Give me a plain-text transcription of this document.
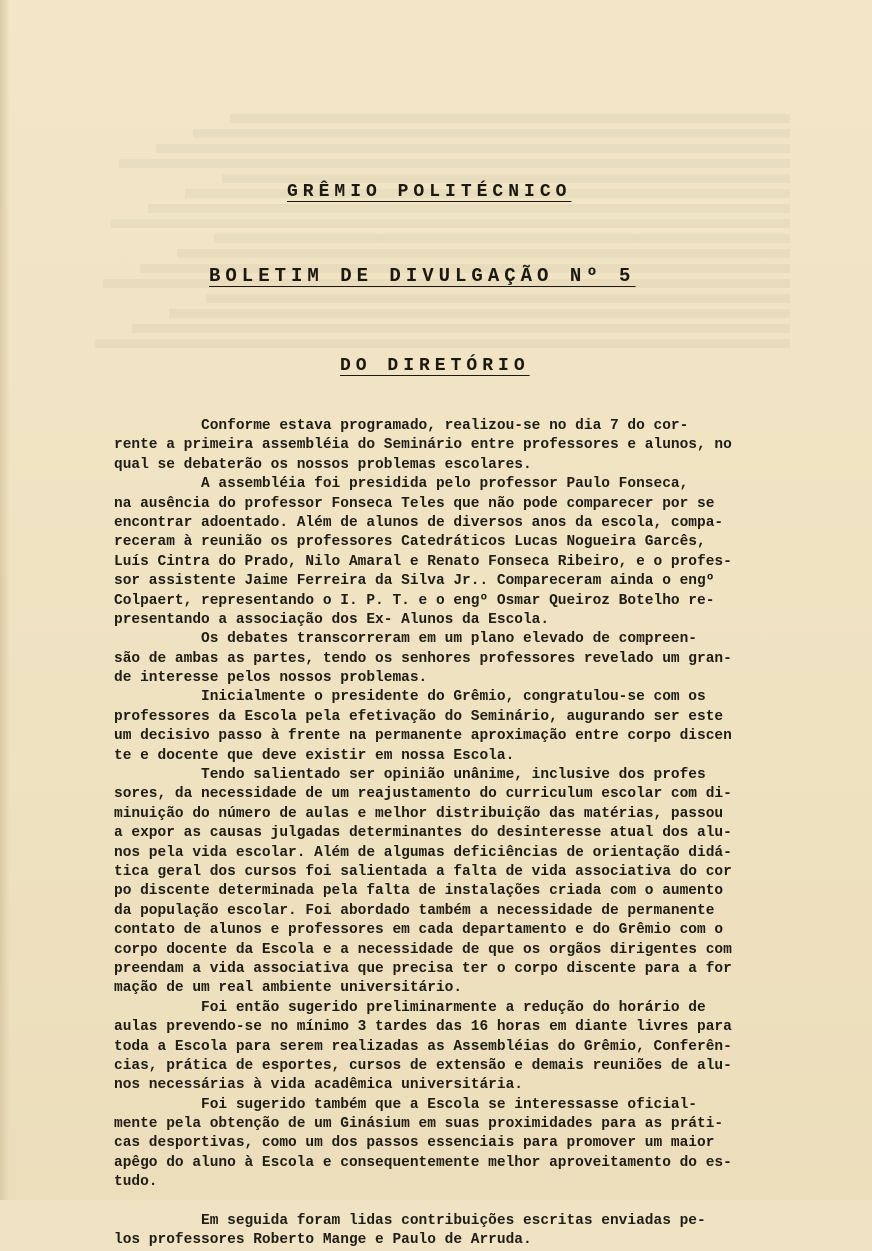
GRÊMIO POLITÉCNICO
BOLETIM DE DIVULGAÇÃO Nº 5
DO DIRETÓRIO
Conforme estava programado, realizou-se no dia 7 do cor-
rente a primeira assembléia do Seminário entre professores e alunos, no
qual se debaterão os nossos problemas escolares.
A assembléia foi presidida pelo professor Paulo Fonseca,
na ausência do professor Fonseca Teles que não pode comparecer por se
encontrar adoentado. Além de alunos de diversos anos da escola, compa-
receram à reunião os professores Catedráticos Lucas Nogueira Garcês,
Luís Cintra do Prado, Nilo Amaral e Renato Fonseca Ribeiro, e o profes-
sor assistente Jaime Ferreira da Silva Jr.. Compareceram ainda o engº
Colpaert, representando o I. P. T. e o engº Osmar Queiroz Botelho re-
presentando a associação dos Ex- Alunos da Escola.
Os debates transcorreram em um plano elevado de compreen-
são de ambas as partes, tendo os senhores professores revelado um gran-
de interesse pelos nossos problemas.
Inicialmente o presidente do Grêmio, congratulou-se com os
professores da Escola pela efetivação do Seminário, augurando ser este
um decisivo passo à frente na permanente aproximação entre corpo discen
te e docente que deve existir em nossa Escola.
Tendo salientado ser opinião unânime, inclusive dos profes
sores, da necessidade de um reajustamento do curriculum escolar com di-
minuição do número de aulas e melhor distribuição das matérias, passou
a expor as causas julgadas determinantes do desinteresse atual dos alu-
nos pela vida escolar. Além de algumas deficiências de orientação didá-
tica geral dos cursos foi salientada a falta de vida associativa do cor
po discente determinada pela falta de instalações criada com o aumento
da população escolar. Foi abordado também a necessidade de permanente
contato de alunos e professores em cada departamento e do Grêmio com o
corpo docente da Escola e a necessidade de que os orgãos dirigentes com
preendam a vida associativa que precisa ter o corpo discente para a for
mação de um real ambiente universitário.
Foi então sugerido preliminarmente a redução do horário de
aulas prevendo-se no mínimo 3 tardes das 16 horas em diante livres para
toda a Escola para serem realizadas as Assembléias do Grêmio, Conferên-
cias, prática de esportes, cursos de extensão e demais reuniões de alu-
nos necessárias à vida acadêmica universitária.
Foi sugerido também que a Escola se interessasse oficial-
mente pela obtenção de um Ginásium em suas proximidades para as práti-
cas desportivas, como um dos passos essenciais para promover um maior
apêgo do aluno à Escola e consequentemente melhor aproveitamento do es-
tudo.
Em seguida foram lidas contribuições escritas enviadas pe-
los professores Roberto Mange e Paulo de Arruda.
